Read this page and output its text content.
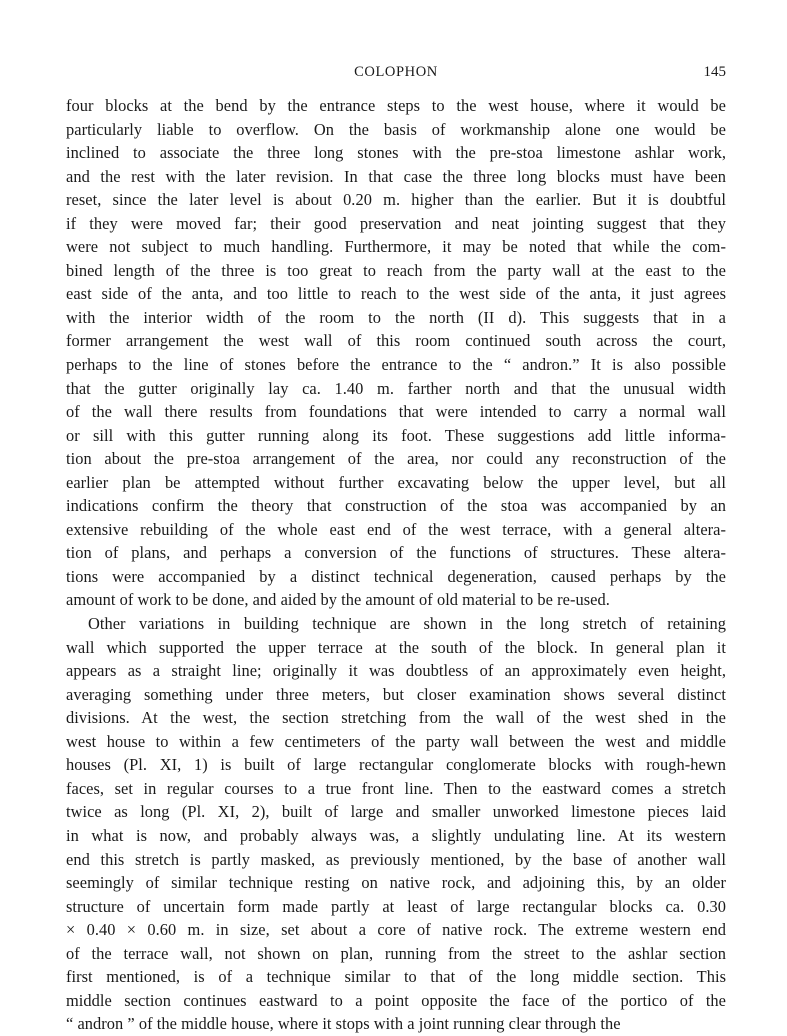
COLOPHON	145
four blocks at the bend by the entrance steps to the west house, where it would be
particularly liable to overflow. On the basis of workmanship alone one would be
inclined to associate the three long stones with the pre-stoa limestone ashlar work,
and the rest with the later revision. In that case the three long blocks must have been
reset, since the later level is about 0.20 m. higher than the earlier. But it is doubtful
if they were moved far; their good preservation and neat jointing suggest that they
were not subject to much handling. Furthermore, it may be noted that while the com-
bined length of the three is too great to reach from the party wall at the east to the
east side of the anta, and too little to reach to the west side of the anta, it just agrees
with the interior width of the room to the north (II d). This suggests that in a
former arrangement the west wall of this room continued south across the court,
perhaps to the line of stones before the entrance to the “ andron.” It is also possible
that the gutter originally lay ca. 1.40 m. farther north and that the unusual width
of the wall there results from foundations that were intended to carry a normal wall
or sill with this gutter running along its foot. These suggestions add little informa-
tion about the pre-stoa arrangement of the area, nor could any reconstruction of the
earlier plan be attempted without further excavating below the upper level, but all
indications confirm the theory that construction of the stoa was accompanied by an
extensive rebuilding of the whole east end of the west terrace, with a general altera-
tion of plans, and perhaps a conversion of the functions of structures. These altera-
tions were accompanied by a distinct technical degeneration, caused perhaps by the
amount of work to be done, and aided by the amount of old material to be re-used.
Other variations in building technique are shown in the long stretch of retaining
wall which supported the upper terrace at the south of the block. In general plan it
appears as a straight line; originally it was doubtless of an approximately even height,
averaging something under three meters, but closer examination shows several distinct
divisions. At the west, the section stretching from the wall of the west shed in the
west house to within a few centimeters of the party wall between the west and middle
houses (Pl. XI, 1) is built of large rectangular conglomerate blocks with rough-hewn
faces, set in regular courses to a true front line. Then to the eastward comes a stretch
twice as long (Pl. XI, 2), built of large and smaller unworked limestone pieces laid
in what is now, and probably always was, a slightly undulating line. At its western
end this stretch is partly masked, as previously mentioned, by the base of another wall
seemingly of similar technique resting on native rock, and adjoining this, by an older
structure of uncertain form made partly at least of large rectangular blocks ca. 0.30
× 0.40 × 0.60 m. in size, set about a core of native rock. The extreme western end
of the terrace wall, not shown on plan, running from the street to the ashlar section
first mentioned, is of a technique similar to that of the long middle section. This
middle section continues eastward to a point opposite the face of the portico of the
“ andron ” of the middle house, where it stops with a joint running clear through the
